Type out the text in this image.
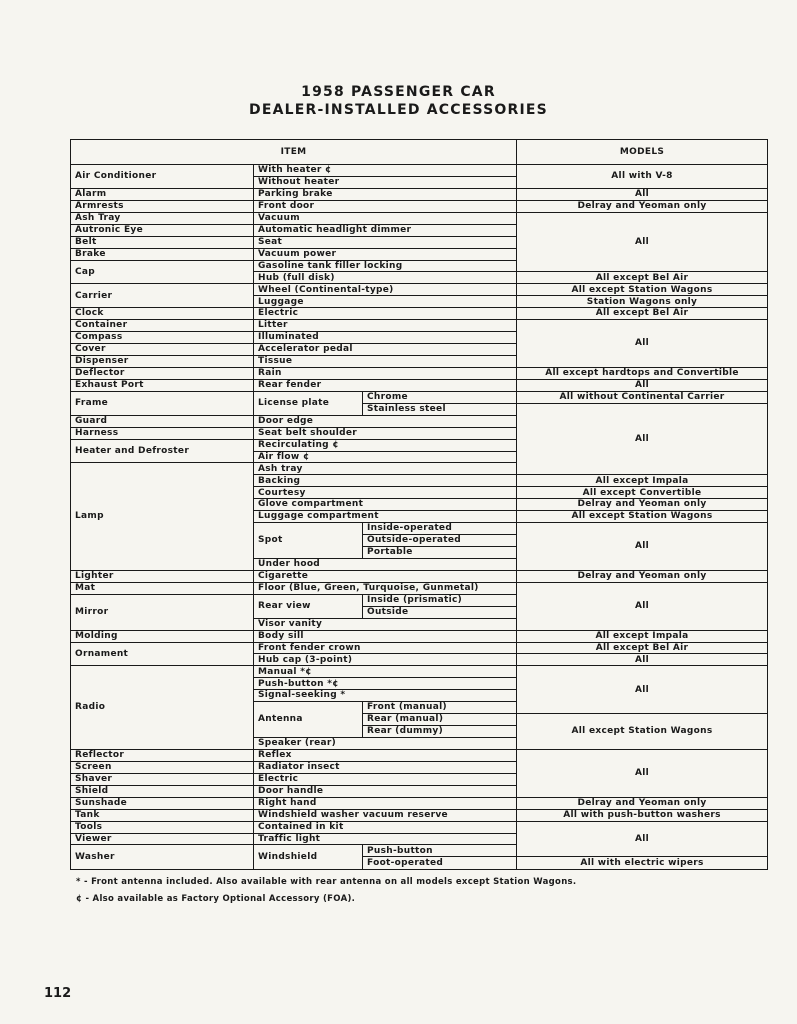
1958 PASSENGER CAR
DEALER-INSTALLED ACCESSORIES
ITEM			MODELS
Air Conditioner	With heater ¢		All with V-8
	Without heater		
Alarm	Parking brake		All
Armrests	Front door		Delray and Yeoman only
Ash Tray	Vacuum		All
Autronic Eye	Automatic headlight dimmer		
Belt	Seat		
Brake	Vacuum power		
Cap	Gasoline tank filler locking		
	Hub (full disk)		All except Bel Air
Carrier	Wheel (Continental-type)		All except Station Wagons
	Luggage		Station Wagons only
Clock	Electric		All except Bel Air
Container	Litter		All
Compass	Illuminated		
Cover	Accelerator pedal		
Dispenser	Tissue		
Deflector	Rain		All except hardtops and Convertible
Exhaust Port	Rear fender		All
Frame	License plate	Chrome	All without Continental Carrier
		Stainless steel	All
Guard	Door edge		
Harness	Seat belt shoulder		
Heater and Defroster	Recirculating ¢		
	Air flow ¢		
Lamp	Ash tray		
	Backing		All except Impala
	Courtesy		All except Convertible
	Glove compartment		Delray and Yeoman only
	Luggage compartment		All except Station Wagons
	Spot	Inside-operated	All
		Outside-operated	
		Portable	
	Under hood		
Lighter	Cigarette		Delray and Yeoman only
Mat	Floor (Blue, Green, Turquoise, Gunmetal)		All
Mirror	Rear view	Inside (prismatic)	
		Outside	
	Visor vanity		
Molding	Body sill		All except Impala
Ornament	Front fender crown		All except Bel Air
	Hub cap (3-point)		All
Radio	Manual *¢		All
	Push-button *¢		
	Signal-seeking *		
	Antenna	Front (manual)	
		Rear (manual)	All except Station Wagons
		Rear (dummy)	
	Speaker (rear)		
Reflector	Reflex		All
Screen	Radiator insect		
Shaver	Electric		
Shield	Door handle		
Sunshade	Right hand		Delray and Yeoman only
Tank	Windshield washer vacuum reserve		All with push-button washers
Tools	Contained in kit		All
Viewer	Traffic light		
Washer	Windshield	Push-button	
		Foot-operated	All with electric wipers
* - Front antenna included. Also available with rear antenna on all models except Station Wagons.
¢ - Also available as Factory Optional Accessory (FOA).
112
